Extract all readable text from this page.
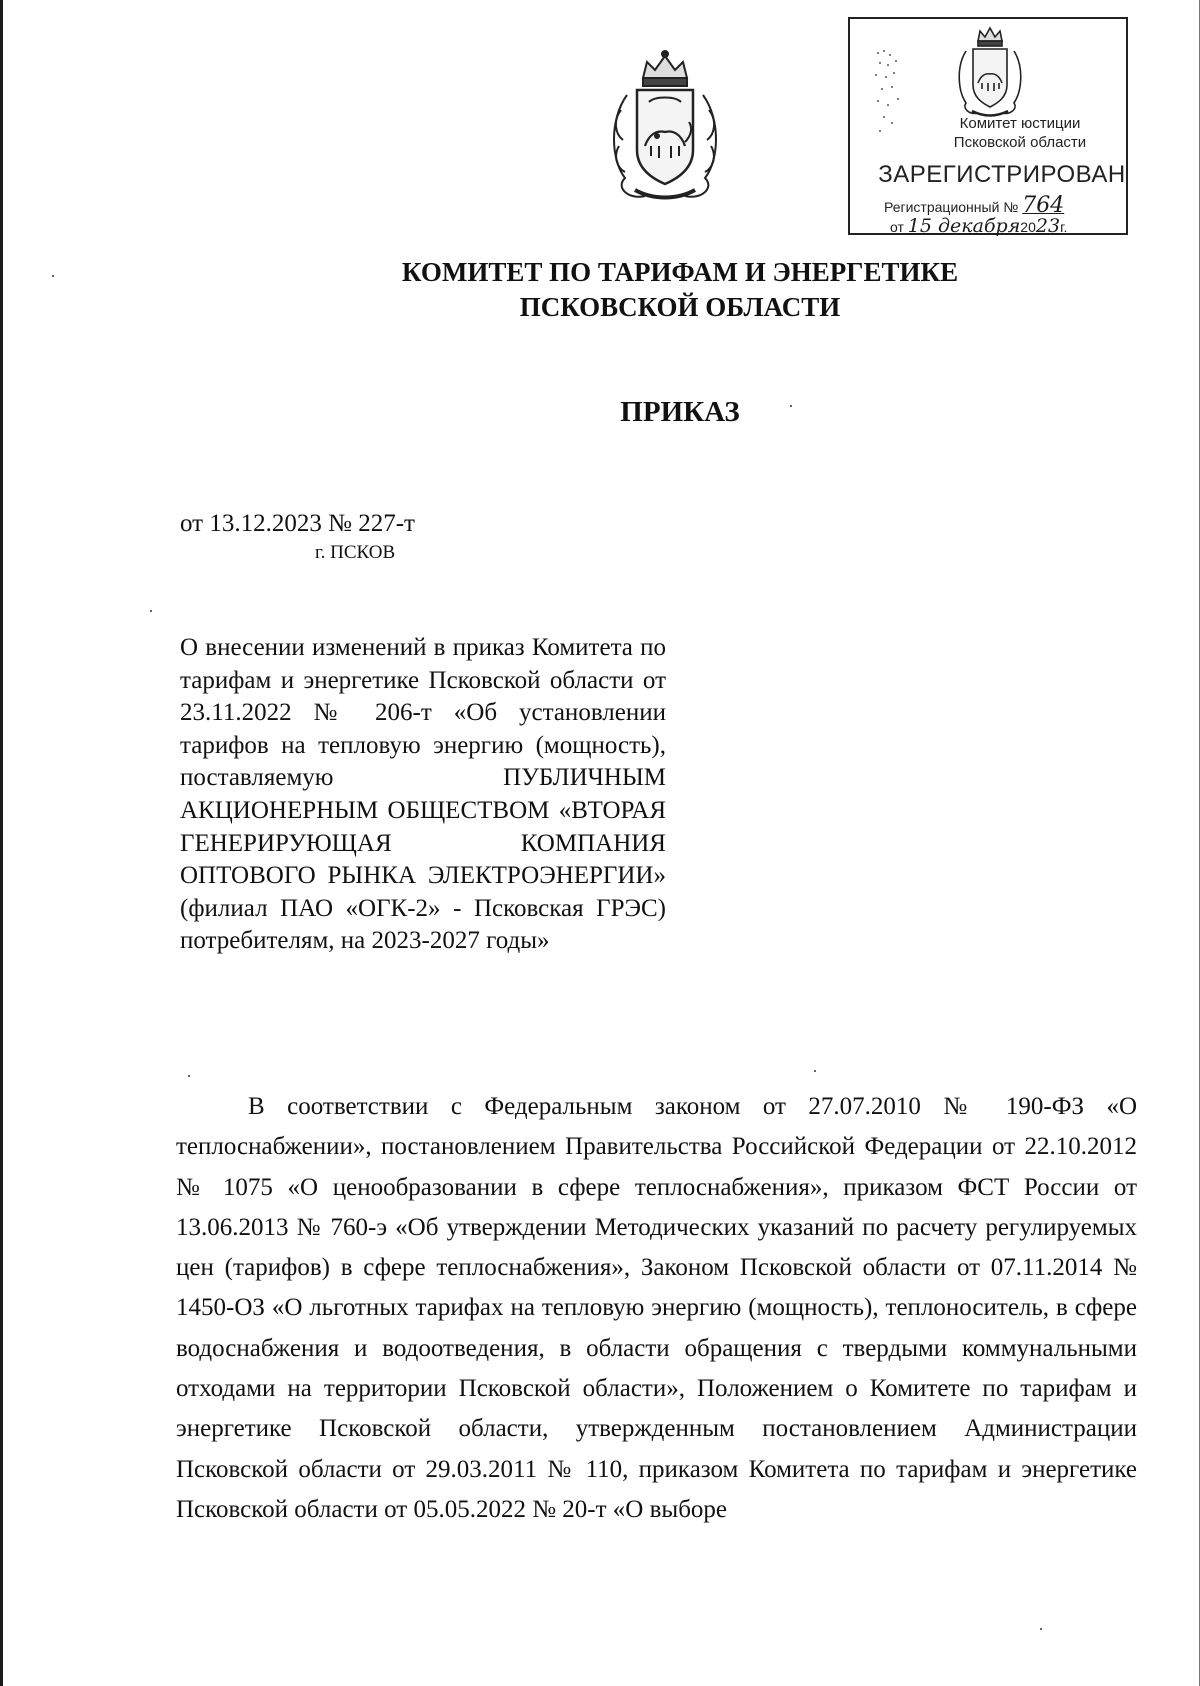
Комитет юстиции
Псковской области
ЗАРЕГИСТРИРОВАН
Регистрационный № 764
от 15 декабря2023г.
КОМИТЕТ ПО ТАРИФАМ И ЭНЕРГЕТИКЕ
ПСКОВСКОЙ ОБЛАСТИ
ПРИКАЗ
от 13.12.2023 № 227-т
г. ПСКОВ
О внесении изменений в приказ Комитета по тарифам и энергетике Псковской области от 23.11.2022 № 206-т «Об установлении тарифов на тепловую энергию (мощность), поставляемую ПУБЛИЧНЫМ АКЦИОНЕРНЫМ ОБЩЕСТВОМ «ВТОРАЯ ГЕНЕРИРУЮЩАЯ КОМПАНИЯ ОПТОВОГО РЫНКА ЭЛЕКТРОЭНЕРГИИ» (филиал ПАО «ОГК-2» - Псковская ГРЭС) потребителям, на 2023-2027 годы»

В соответствии с Федеральным законом от 27.07.2010 № 190-ФЗ «О теплоснабжении», постановлением Правительства Российской Федерации от 22.10.2012 № 1075 «О ценообразовании в сфере теплоснабжения», приказом ФСТ России от 13.06.2013 № 760-э «Об утверждении Методических указаний по расчету регулируемых цен (тарифов) в сфере теплоснабжения», Законом Псковской области от 07.11.2014 № 1450-ОЗ «О льготных тарифах на тепловую энергию (мощность), теплоноситель, в сфере водоснабжения и водоотведения, в области обращения с твердыми коммунальными отходами на территории Псковской области», Положением о Комитете по тарифам и энергетике Псковской области, утвержденным постановлением Администрации Псковской области от 29.03.2011 № 110, приказом Комитета по тарифам и энергетике Псковской области от 05.05.2022 № 20-т «О выборе
